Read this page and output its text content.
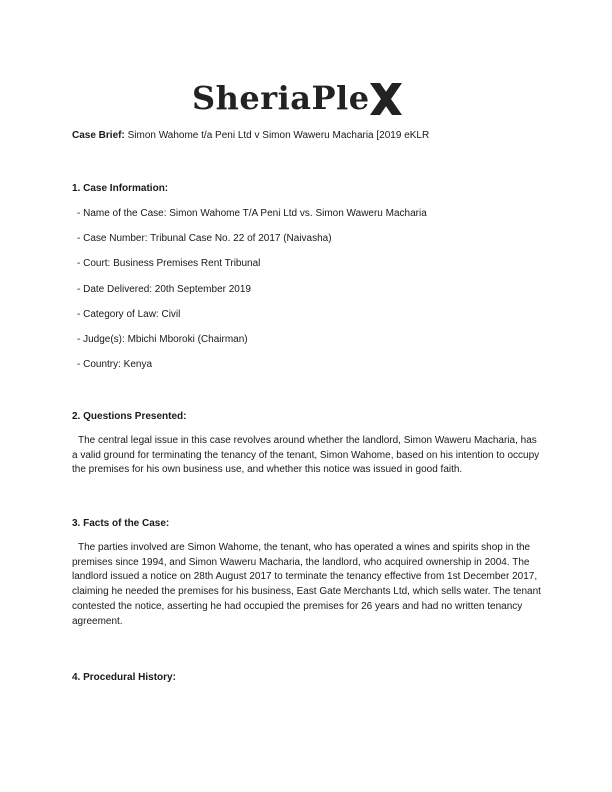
SheriaPle
Case Brief: Simon Wahome t/a Peni Ltd v Simon Waweru Macharia [2019 eKLR
1. Case Information:
- Name of the Case: Simon Wahome T/A Peni Ltd vs. Simon Waweru Macharia
- Case Number: Tribunal Case No. 22 of 2017 (Naivasha)
- Court: Business Premises Rent Tribunal
- Date Delivered: 20th September 2019
- Category of Law: Civil
- Judge(s): Mbichi Mboroki (Chairman)
- Country: Kenya
2. Questions Presented:
The central legal issue in this case revolves around whether the landlord, Simon Waweru Macharia, has a valid ground for terminating the tenancy of the tenant, Simon Wahome, based on his intention to occupy the premises for his own business use, and whether this notice was issued in good faith.
3. Facts of the Case:
The parties involved are Simon Wahome, the tenant, who has operated a wines and spirits shop in the premises since 1994, and Simon Waweru Macharia, the landlord, who acquired ownership in 2004. The landlord issued a notice on 28th August 2017 to terminate the tenancy effective from 1st December 2017, claiming he needed the premises for his business, East Gate Merchants Ltd, which sells water. The tenant contested the notice, asserting he had occupied the premises for 26 years and had no written tenancy agreement.
4. Procedural History:
